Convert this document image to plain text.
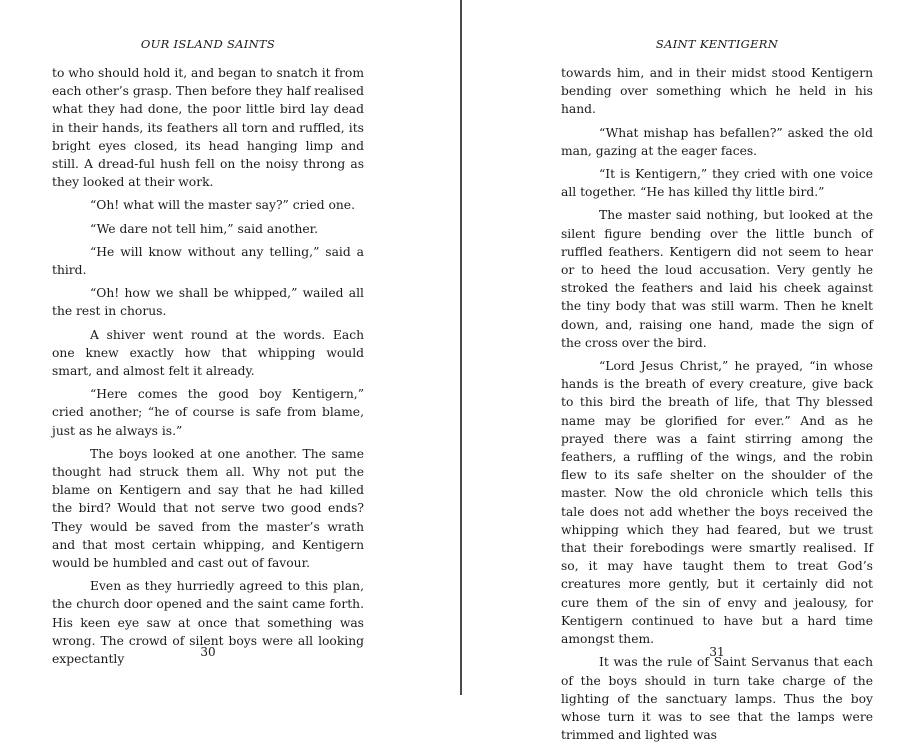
OUR ISLAND SAINTS

to who should hold it, and began to snatch it from each other’s grasp. Then before they half realised what they had done, the poor little bird lay dead in their hands, its feathers all torn and ruffled, its bright eyes closed, its head hanging limp and still. A dread-ful hush fell on the noisy throng as they looked at their work.

“Oh! what will the master say?” cried one.

“We dare not tell him,” said another.

“He will know without any telling,” said a third.

“Oh! how we shall be whipped,” wailed all the rest in chorus.

A shiver went round at the words. Each one knew exactly how that whipping would smart, and almost felt it already.

“Here comes the good boy Kentigern,” cried another; “he of course is safe from blame, just as he always is.”

The boys looked at one another. The same thought had struck them all. Why not put the blame on Kentigern and say that he had killed the bird? Would that not serve two good ends? They would be saved from the master’s wrath and that most certain whipping, and Kentigern would be humbled and cast out of favour.

Even as they hurriedly agreed to this plan, the church door opened and the saint came forth. His keen eye saw at once that something was wrong. The crowd of silent boys were all looking expectantly

30
SAINT KENTIGERN

towards him, and in their midst stood Kentigern bending over something which he held in his hand.

“What mishap has befallen?” asked the old man, gazing at the eager faces.

“It is Kentigern,” they cried with one voice all together. “He has killed thy little bird.”

The master said nothing, but looked at the silent figure bending over the little bunch of ruffled feathers. Kentigern did not seem to hear or to heed the loud accusation. Very gently he stroked the feathers and laid his cheek against the tiny body that was still warm. Then he knelt down, and, raising one hand, made the sign of the cross over the bird.

“Lord Jesus Christ,” he prayed, “in whose hands is the breath of every creature, give back to this bird the breath of life, that Thy blessed name may be glorified for ever.” And as he prayed there was a faint stirring among the feathers, a ruffling of the wings, and the robin flew to its safe shelter on the shoulder of the master. Now the old chronicle which tells this tale does not add whether the boys received the whipping which they had feared, but we trust that their forebodings were smartly realised. If so, it may have taught them to treat God’s creatures more gently, but it certainly did not cure them of the sin of envy and jealousy, for Kentigern continued to have but a hard time amongst them.

It was the rule of Saint Servanus that each of the boys should in turn take charge of the lighting of the sanctuary lamps. Thus the boy whose turn it was to see that the lamps were trimmed and lighted was

31
